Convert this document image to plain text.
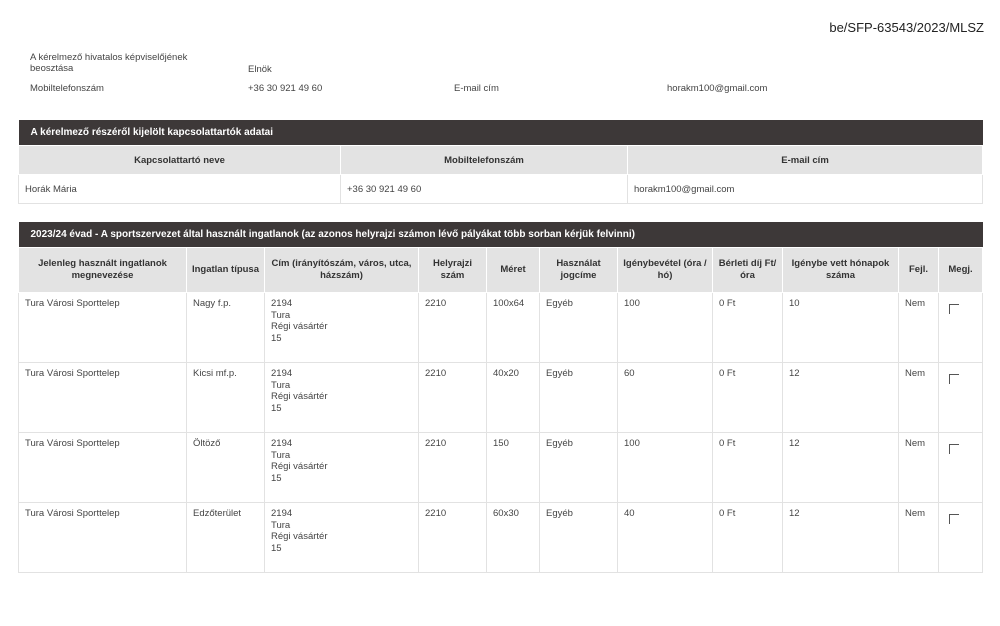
be/SFP-63543/2023/MLSZ
A kérelmező hivatalos képviselőjének beosztása	Elnök
Mobiltelefonszám	+36 30 921 49 60	E-mail cím	horakm100@gmail.com
A kérelmező részéről kijelölt kapcsolattartók adatai		
Kapcsolattartó neve	Mobiltelefonszám	E-mail cím
Horák Mária	+36 30 921 49 60	horakm100@gmail.com
2023/24 évad - A sportszervezet által használt ingatlanok (az azonos helyrajzi számon lévő pályákat több sorban kérjük felvinni)										
Jelenleg használt ingatlanok megnevezése	Ingatlan típusa	Cím (irányítószám, város, utca, házszám)	Helyrajzi szám	Méret	Használat jogcíme	Igénybevétel (óra / hó)	Bérleti díj Ft/óra	Igénybe vett hónapok száma	Fejl.	Megj.
Tura Városi Sporttelep	Nagy f.p.	2194
Tura
Régi vásártér
15	2210	100x64	Egyéb	100	0 Ft	10	Nem	
Tura Városi Sporttelep	Kicsi mf.p.	2194
Tura
Régi vásártér
15	2210	40x20	Egyéb	60	0 Ft	12	Nem	
Tura Városi Sporttelep	Öltöző	2194
Tura
Régi vásártér
15	2210	150	Egyéb	100	0 Ft	12	Nem	
Tura Városi Sporttelep	Edzőterület	2194
Tura
Régi vásártér
15	2210	60x30	Egyéb	40	0 Ft	12	Nem	
